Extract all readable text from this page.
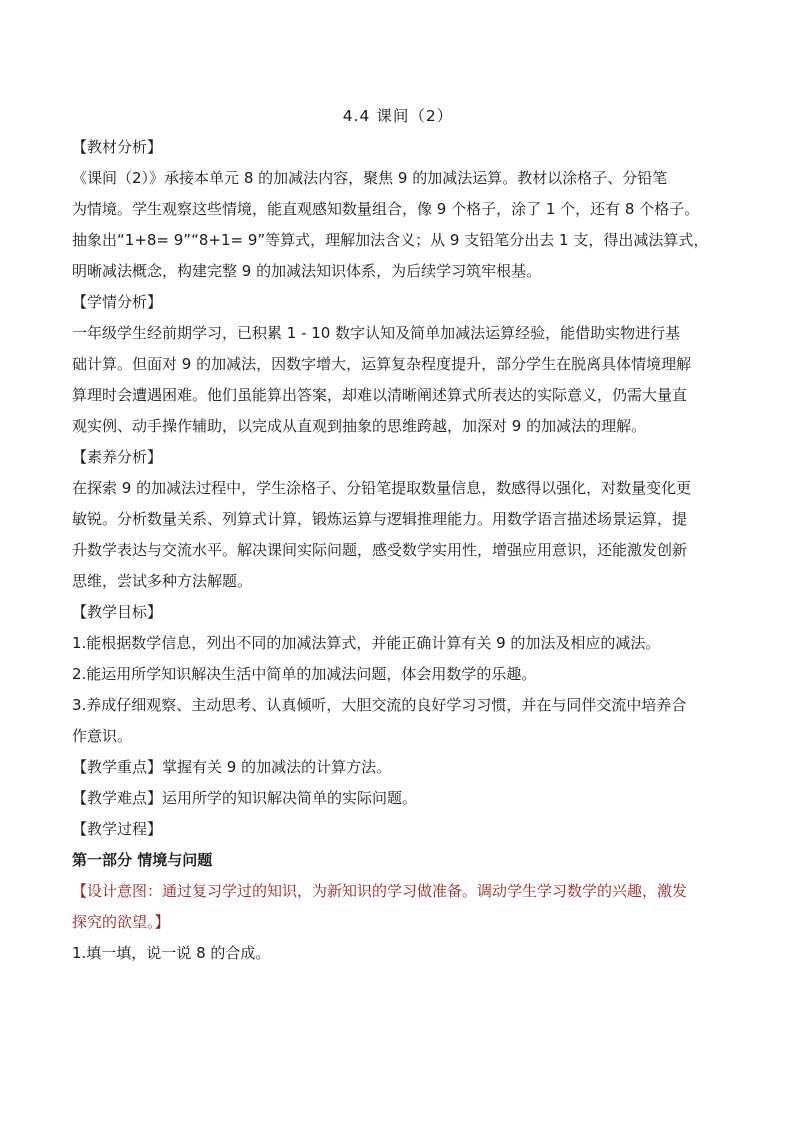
4.4 课间（2）

【教材分析】

《课间（2）》承接本单元 8 的加减法内容，聚焦 9 的加减法运算。教材以涂格子、分铅笔

为情境。学生观察这些情境，能直观感知数量组合，像 9 个格子，涂了 1 个，还有 8 个格子。

抽象出“1+8= 9”“8+1= 9”等算式，理解加法含义；从 9 支铅笔分出去 1 支，得出减法算式，

明晰减法概念，构建完整 9 的加减法知识体系，为后续学习筑牢根基。

【学情分析】

一年级学生经前期学习，已积累 1 - 10 数字认知及简单加减法运算经验，能借助实物进行基

础计算。但面对 9 的加减法，因数字增大，运算复杂程度提升，部分学生在脱离具体情境理解

算理时会遭遇困难。他们虽能算出答案，却难以清晰阐述算式所表达的实际意义，仍需大量直

观实例、动手操作辅助，以完成从直观到抽象的思维跨越，加深对 9 的加减法的理解。

【素养分析】

在探索 9 的加减法过程中，学生涂格子、分铅笔提取数量信息，数感得以强化，对数量变化更

敏锐。分析数量关系、列算式计算，锻炼运算与逻辑推理能力。用数学语言描述场景运算，提

升数学表达与交流水平。解决课间实际问题，感受数学实用性，增强应用意识，还能激发创新

思维，尝试多种方法解题。

【教学目标】

1.能根据数学信息，列出不同的加减法算式，并能正确计算有关 9 的加法及相应的减法。

2.能运用所学知识解决生活中简单的加减法问题，体会用数学的乐趣。

3.养成仔细观察、主动思考、认真倾听，大胆交流的良好学习习惯，并在与同伴交流中培养合

作意识。

【教学重点】掌握有关 9 的加减法的计算方法。

【教学难点】运用所学的知识解决简单的实际问题。

【教学过程】

第一部分 情境与问题

【设计意图：通过复习学过的知识，为新知识的学习做准备。调动学生学习数学的兴趣，激发

探究的欲望。】

1.填一填，说一说 8 的合成。
